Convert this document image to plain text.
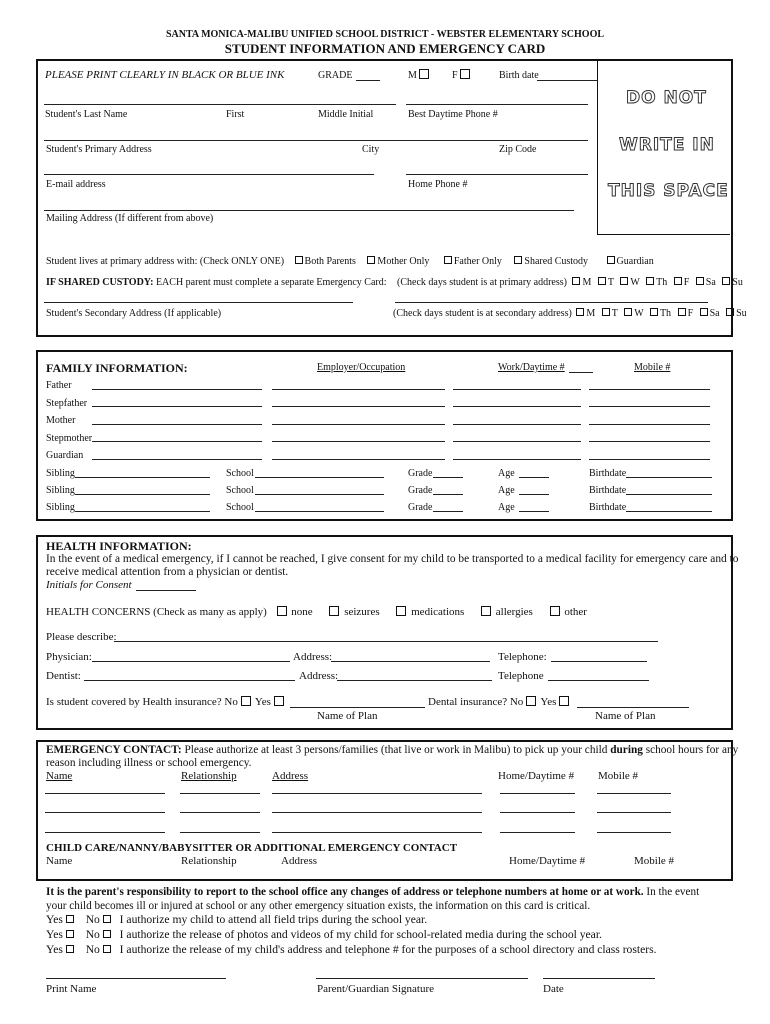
SANTA MONICA-MALIBU UNIFIED SCHOOL DISTRICT - WEBSTER ELEMENTARY SCHOOL
STUDENT INFORMATION AND EMERGENCY CARD
DO NOT
WRITE IN
THIS SPACE
PLEASE PRINT CLEARLY IN BLACK OR BLUE INK	GRADE	M	F	Birth date
Student's Last Name	First	Middle Initial	Best Daytime Phone #
Student's Primary Address	City	Zip Code
E-mail address	Home Phone #
Mailing Address (If different from above)
Student lives at primary address with: (Check ONLY ONE) Both Parents Mother Only Father Only Shared Custody	Guardian
IF SHARED CUSTODY: EACH parent must complete a separate Emergency Card: (Check days student is at primary address) M T W Th F Sa Su
Student's Secondary Address (If applicable)	(Check days student is at secondary address) M T W Th F Sa Su
FAMILY INFORMATION:	Employer/Occupation	Work/Daytime #	Mobile #
Father
Stepfather
Mother
Stepmother
Guardian
Sibling	School	Grade	Age	Birthdate
Sibling	School	Grade	Age	Birthdate
Sibling	School	Grade	Age	Birthdate
HEALTH INFORMATION:
In the event of a medical emergency, if I cannot be reached, I give consent for my child to be transported to a medical facility for emergency care and to
receive medical attention from a physician or dentist.
Initials for Consent
HEALTH CONCERNS (Check as many as apply) none	seizures	medications	allergies	other
Please describe:
Physician:	Address:	Telephone:
Dentist:	Address:	Telephone
Is student covered by Health insurance? No Yes	Dental insurance? No Yes
Name of Plan	Name of Plan
EMERGENCY CONTACT: Please authorize at least 3 persons/families (that live or work in Malibu) to pick up your child during school hours for any
reason including illness or school emergency.
Name	Relationship	Address	Home/Daytime # Mobile #
CHILD CARE/NANNY/BABYSITTER OR ADDITIONAL EMERGENCY CONTACT
Name	Relationship	Address	Home/Daytime #	Mobile #
It is the parent's responsibility to report to the school office any changes of address or telephone numbers at home or at work. In the event
your child becomes ill or injured at school or any other emergency situation exists, the information on this card is critical.
Yes No I authorize my child to attend all field trips during the school year.
Yes No I authorize the release of photos and videos of my child for school-related media during the school year.
Yes No I authorize the release of my child's address and telephone # for the purposes of a school directory and class rosters.
Print Name	Parent/Guardian Signature	Date
